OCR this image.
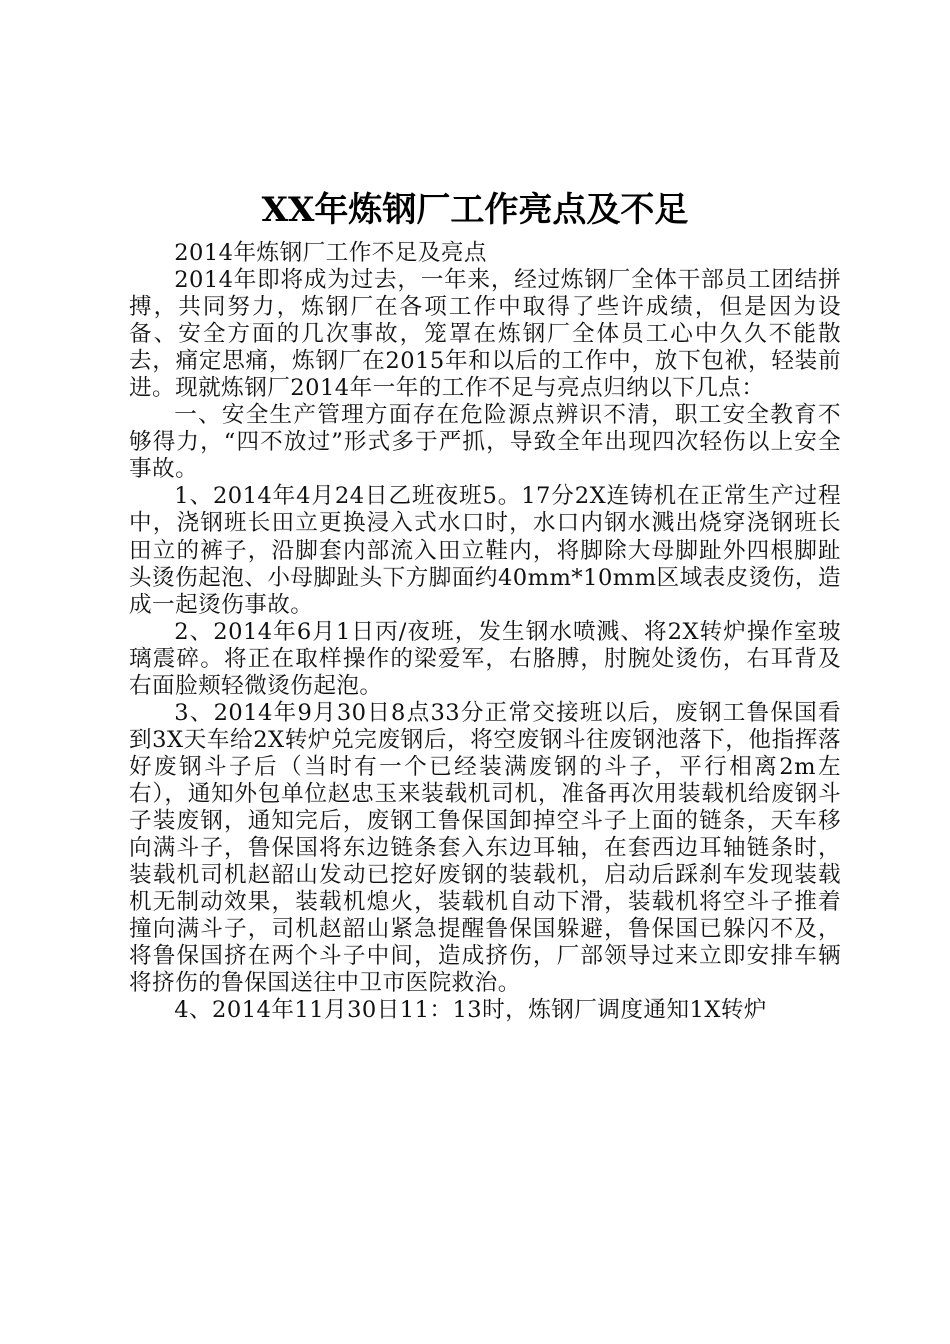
XX年炼钢厂工作亮点及不足

2014年炼钢厂工作不足及亮点

2014年即将成为过去，一年来，经过炼钢厂全体干部员工团结拼搏，共同努力，炼钢厂在各项工作中取得了些许成绩，但是因为设备、安全方面的几次事故，笼罩在炼钢厂全体员工心中久久不能散去，痛定思痛，炼钢厂在2015年和以后的工作中，放下包袱，轻装前进。现就炼钢厂2014年一年的工作不足与亮点归纳以下几点：

一、安全生产管理方面存在危险源点辨识不清，职工安全教育不够得力，“四不放过”形式多于严抓，导致全年出现四次轻伤以上安全事故。

1、2014年4月24日乙班夜班5。17分2X连铸机在正常生产过程中，浇钢班长田立更换浸入式水口时，水口内钢水溅出烧穿浇钢班长田立的裤子，沿脚套内部流入田立鞋内，将脚除大母脚趾外四根脚趾头烫伤起泡、小母脚趾头下方脚面约40mm*10mm区域表皮烫伤，造成一起烫伤事故。

2、2014年6月1日丙/夜班，发生钢水喷溅、将2X转炉操作室玻璃震碎。将正在取样操作的梁爱军，右胳膊，肘腕处烫伤，右耳背及右面脸颊轻微烫伤起泡。

3、2014年9月30日8点33分正常交接班以后，废钢工鲁保国看到3X天车给2X转炉兑完废钢后，将空废钢斗往废钢池落下，他指挥落好废钢斗子后（当时有一个已经装满废钢的斗子，平行相离2m左右），通知外包单位赵忠玉来装载机司机，准备再次用装载机给废钢斗子装废钢，通知完后，废钢工鲁保国卸掉空斗子上面的链条，天车移向满斗子，鲁保国将东边链条套入东边耳轴，在套西边耳轴链条时，装载机司机赵韶山发动已挖好废钢的装载机，启动后踩刹车发现装载机无制动效果，装载机熄火，装载机自动下滑，装载机将空斗子推着撞向满斗子，司机赵韶山紧急提醒鲁保国躲避，鲁保国已躲闪不及，将鲁保国挤在两个斗子中间，造成挤伤，厂部领导过来立即安排车辆将挤伤的鲁保国送往中卫市医院救治。

4、2014年11月30日11：13时，炼钢厂调度通知1X转炉
